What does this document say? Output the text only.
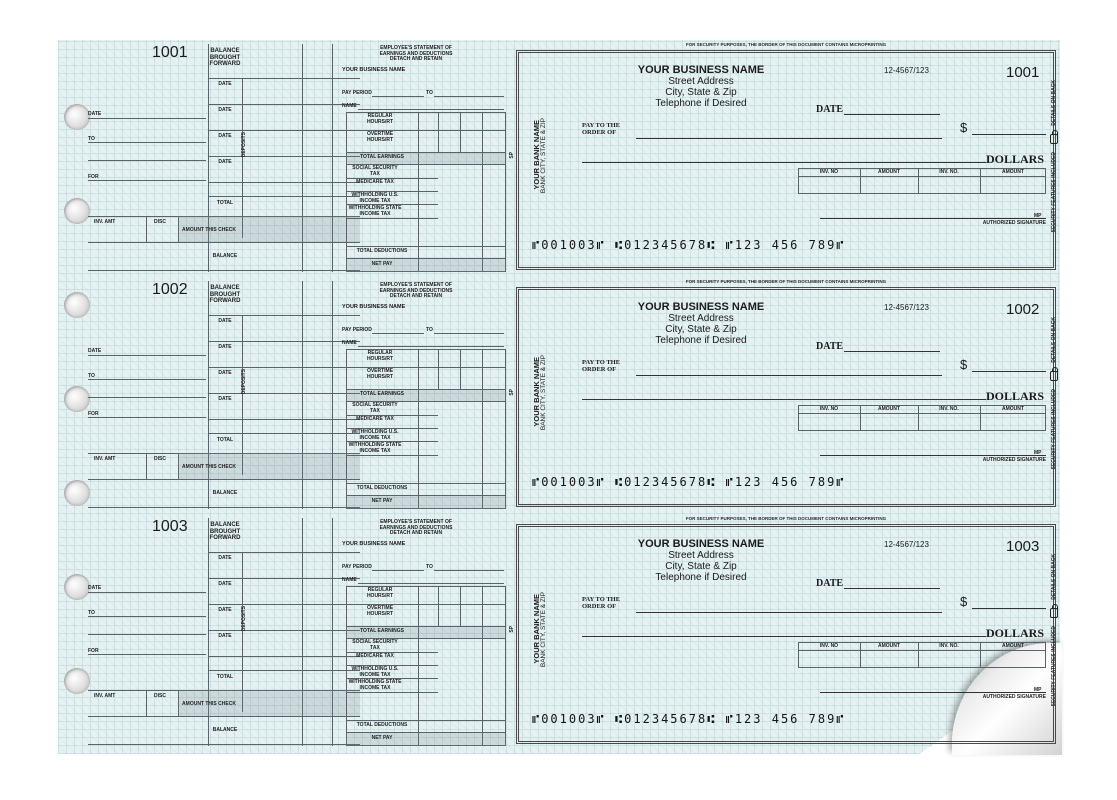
1001	BALANCE
BROUGHT
FORWARD
DATE
DATE
DATE
DATE
DEPOSITS
TOTAL
DATE
TO
FOR
INV. AMT	DISC
AMOUNT THIS CHECK
BALANCE
EMPLOYEE'S STATEMENT OF EARNINGS AND DEDUCTIONS DETACH AND RETAIN
YOUR BUSINESS NAME
PAY PERIOD	TO
NAME
REGULAR HOURS/RT
OVERTIME HOURS/RT
TOTAL EARNINGS
SOCIAL SECURITY TAX
MEDICARE TAX
WITHHOLDING U.S. INCOME TAX
WITHHOLDING STATE INCOME TAX
TOTAL DEDUCTIONS
NET PAY
FOR SECURITY PURPOSES, THE BORDER OF THIS DOCUMENT CONTAINS MICROPRINTING
YOUR BUSINESS NAME
Street Address
City, State & Zip
Telephone if Desired
12-4567/123	1001
DATE
$
PAY TO THE ORDER OF
DOLLARS
INV. NO	AMOUNT	INV. NO.	AMOUNT
MP
AUTHORIZED SIGNATURE
YOUR BANK NAME BANK CITY, STATE & ZIP
SP
DETAILS ON BACK
SECURITY FEATURES INCLUDED
⑈001003⑈ ⑆012345678⑆ ⑈123 456 789⑈
1002	BALANCE
BROUGHT
FORWARD
DATE
DATE
DATE
DATE
DEPOSITS
TOTAL
DATE
TO
FOR
INV. AMT	DISC
AMOUNT THIS CHECK
BALANCE
EMPLOYEE'S STATEMENT OF EARNINGS AND DEDUCTIONS DETACH AND RETAIN
YOUR BUSINESS NAME
PAY PERIOD	TO
NAME
REGULAR HOURS/RT
OVERTIME HOURS/RT
TOTAL EARNINGS
SOCIAL SECURITY TAX
MEDICARE TAX
WITHHOLDING U.S. INCOME TAX
WITHHOLDING STATE INCOME TAX
TOTAL DEDUCTIONS
NET PAY
FOR SECURITY PURPOSES, THE BORDER OF THIS DOCUMENT CONTAINS MICROPRINTING
YOUR BUSINESS NAME
Street Address
City, State & Zip
Telephone if Desired
12-4567/123	1002
DATE
$
PAY TO THE ORDER OF
DOLLARS
INV. NO	AMOUNT	INV. NO.	AMOUNT
MP
AUTHORIZED SIGNATURE
YOUR BANK NAME BANK CITY, STATE & ZIP
SP
DETAILS ON BACK
SECURITY FEATURES INCLUDED
⑈001003⑈ ⑆012345678⑆ ⑈123 456 789⑈
1003	BALANCE
BROUGHT
FORWARD
DATE
DATE
DATE
DATE
DEPOSITS
TOTAL
DATE
TO
FOR
INV. AMT	DISC
AMOUNT THIS CHECK
BALANCE
EMPLOYEE'S STATEMENT OF EARNINGS AND DEDUCTIONS DETACH AND RETAIN
YOUR BUSINESS NAME
PAY PERIOD	TO
NAME
REGULAR HOURS/RT
OVERTIME HOURS/RT
TOTAL EARNINGS
SOCIAL SECURITY TAX
MEDICARE TAX
WITHHOLDING U.S. INCOME TAX
WITHHOLDING STATE INCOME TAX
TOTAL DEDUCTIONS
NET PAY
FOR SECURITY PURPOSES, THE BORDER OF THIS DOCUMENT CONTAINS MICROPRINTING
YOUR BUSINESS NAME
Street Address
City, State & Zip
Telephone if Desired
12-4567/123	1003
DATE
$
PAY TO THE ORDER OF
DOLLARS
INV. NO	AMOUNT	INV. NO.	AMOUNT
MP
AUTHORIZED SIGNATURE
YOUR BANK NAME BANK CITY, STATE & ZIP
SP
DETAILS ON BACK
SECURITY FEATURES INCLUDED
⑈001003⑈ ⑆012345678⑆ ⑈123 456 789⑈
